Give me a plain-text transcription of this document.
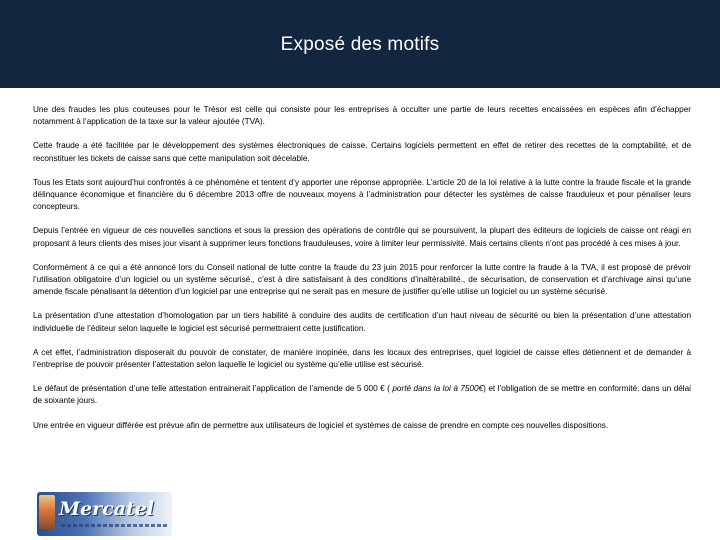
Exposé des motifs

Une des fraudes les plus couteuses pour le Trésor est celle qui consiste pour les entreprises à occulter une partie de leurs recettes encaissées en espèces afin d’échapper notamment à l’application de la taxe sur la valeur ajoutée (TVA).

Cette fraude a été facilitée par le développement des systèmes électroniques de caisse. Certains logiciels permettent en effet de retirer des recettes de la comptabilité, et de reconstituer les tickets de caisse sans que cette manipulation soit décelable.

Tous les Etats sont aujourd’hui confrontés à ce phénomène et tentent d’y apporter une réponse appropriée. L’article 20 de la loi relative à la lutte contre la fraude fiscale et la grande délinquance économique et financière du 6 décembre 2013 offre de nouveaux moyens à l’administration pour détecter les systèmes de caisse frauduleux et pour pénaliser leurs concepteurs.

Depuis l’entrée en vigueur de ces nouvelles sanctions et sous la pression des opérations de contrôle qui se poursuivent, la plupart des éditeurs de logiciels de caisse ont réagi en proposant à leurs clients des mises jour visant à supprimer leurs fonctions frauduleuses, voire à limiter leur permissivité. Mais certains clients n’ont pas procédé à ces mises à jour.

Conformément à ce qui a été annoncé lors du Conseil national de lutte contre la fraude du 23 juin 2015 pour renforcer la lutte contre la fraude à la TVA, il est proposé de prévoir l’utilisation obligatoire d’un logiciel ou un système sécurisé., c’est à dire satisfaisant à des conditions d’inaltérabilité., de sécurisation, de conservation et d’archivage ainsi qu’une amende fiscale pénalisant la détention d’un logiciel par une entreprise qui ne serait pas en mesure de justifier qu’elle utilise un logiciel ou un système sécurisé.

La présentation d’une attestation d’homologation par un tiers habilité à conduire des audits de certification d’un haut niveau de sécurité ou bien la présentation d’une attestation individuelle de l’éditeur selon laquelle le logiciel est sécurisé permettraient cette justification.

A cet effet, l’administration disposerait du pouvoir de constater, de manière inopinée, dans les locaux des entreprises, quel logiciel de caisse elles détiennent et de demander à l’entreprise de pouvoir présenter l’attestation selon laquelle le logiciel ou système qu’elle utilise est sécurisé.

Le défaut de présentation d’une telle attestation entrainerait l’application de l’amende de 5 000 € ( porté dans la loi à 7500€) et l’obligation de se mettre en conformité. dans un délai de soixante jours.

Une entrée en vigueur différée est prévue afin de permettre aux utilisateurs de logiciel et systèmes de caisse de prendre en compte ces nouvelles dispositions.

Mercatel
